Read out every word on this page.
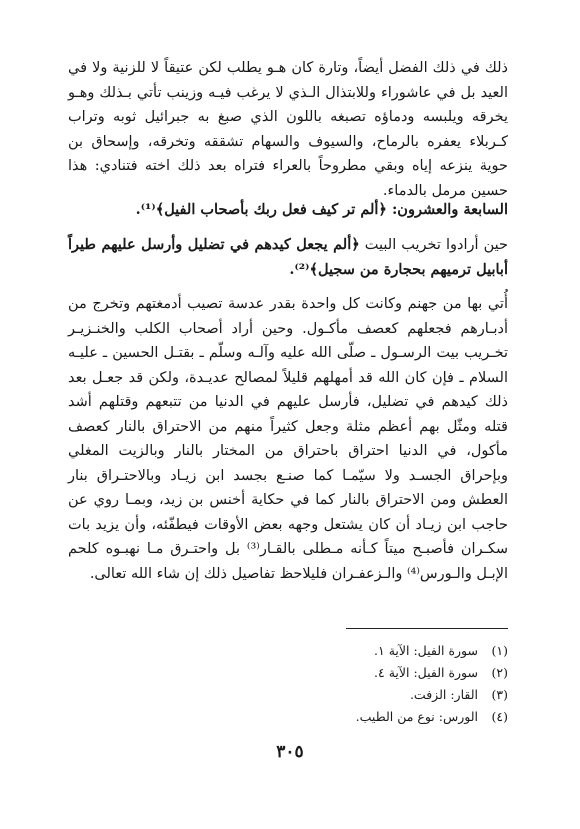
ذلك في ذلك الفضل أيضاً، وتارة كان هـو يطلب لكن عتيقاً لا للزنية ولا في العيد بل في عاشوراء وللابتذال الـذي لا يرغب فيـه وزينب تأتي بـذلك وهـو يخرقه ويلبسه ودماؤه تصبغه باللون الذي صبغ به جبرائيل ثوبه وتراب كـربلاء يعفره بالرماح، والسيوف والسهام تشققه وتخرقه، وإسحاق بن حوية ينزعه إياه وبقي مطروحاً بالعراء فتراه بعد ذلك اخته فتنادي: هذا حسين مرمل بالدماء.

السابعة والعشرون: ﴿ألم تر كيف فعل ربك بأصحاب الفيل﴾⁽¹⁾.

حين أرادوا تخريب البيت ﴿ألم يجعل كيدهم في تضليل وأرسل عليهم طيراً أبابيل ترميهم بحجارة من سجيل﴾⁽²⁾.

أُتي بها من جهنم وكانت كل واحدة بقدر عدسة تصيب أدمغتهم وتخرج من أدبـارهم فجعلهم كعصف مأكـول. وحين أراد أصحاب الكلب والخنـزيـر تخـريب بيت الرسـول ـ صلّى الله عليه وآلـه وسلّم ـ بقتـل الحسين ـ عليـه السلام ـ فإن كان الله قد أمهلهم قليلاً لمصالح عديـدة، ولكن قد جعـل بعد ذلك كيدهم في تضليل، فأرسل عليهم في الدنيا من تتبعهم وقتلهم أشد قتله ومثّل بهم أعظم مثلة وجعل كثيراً منهم من الاحتراق بالنار كعصف مأكول، في الدنيا احتراق باحتراق من المختار بالنار وبالزيت المغلي وبإحراق الجسـد ولا سيّمـا كما صنـع بجسد ابن زيـاد وبالاحتـراق بنار العطش ومن الاحتراق بالنار كما في حكاية أخنس بن زيد، وبمـا روي عن حاجب ابن زيـاد أن كان يشتعل وجهه بعض الأوقات فيطفّئه، وأن يزيد بات سكـران فأصبـح ميتاً كـأنه مـطلى بالقـار⁽³⁾ بل واحتـرق مـا نهبـوه كلحم الإبـل والـورس⁽⁴⁾ والـزعفـران فليلاحظ تفاصيل ذلك إن شاء الله تعالى.

(١)
سورة الفيل: الآية ١.
(٢)
سورة الفيل: الآية ٤.
(٣)
القار: الزفت.
(٤)
الورس: نوع من الطيب.
٣٠٥
